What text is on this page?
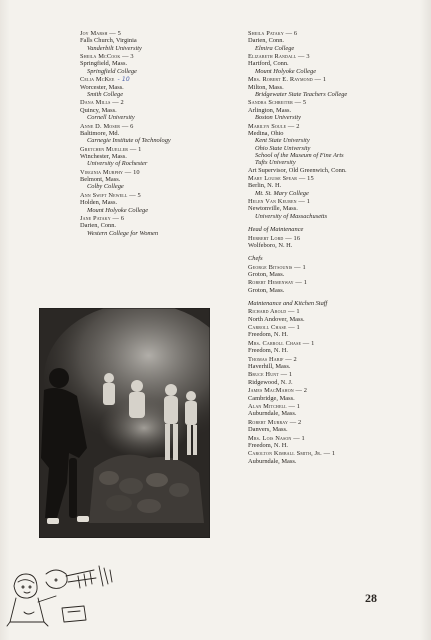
Joy Marsh — 5
Falls Church, Virginia
Vanderbilt University
Sheila McCook — 3
Springfield, Mass.
Springfield College
Celia McKee - 10
Worcester, Mass.
Smith College
Dana Mills — 2
Quincy, Mass.
Cornell University
Anne D. Moser — 6
Baltimore, Md.
Carnegie Institute of Technology
Gretchen Mueller — 1
Winchester, Mass.
University of Rochester
Virginia Murphy — 10
Belmont, Mass.
Colby College
Ann Swift Newell — 5
Holden, Mass.
Mount Holyoke College
Jane Pataky — 6
Darien, Conn.
Western College for Women
Sheila Pataky — 6
Darien, Conn.
Elmira College
Elizabeth Randall — 3
Hartford, Conn.
Mount Holyoke College
Mrs. Robert E. Raymond — 1
Milton, Mass.
Bridgewater State Teachers College
Sandra Schreiter — 5
Arlington, Mass.
Boston University
Marilyn Soule — 2
Medina, Ohio
Kent State University
Ohio State University
School of the Museum of Fine Arts
Tufts University
Art Supervisor, Old Greenwich, Conn.
Mary Louise Spear — 15
Berlin, N. H.
Mt. St. Mary College
Helen Van Keuren — 1
Newtonville, Mass.
University of Massachusetts
Head of Maintenance
Herbert Lord — 16
Wolfeboro, N. H.
Chefs
George Bitsounis — 1
Groton, Mass.
Robert Hemenway — 1
Groton, Mass.
Maintenance and Kitchen Staff
Richard Arold — 1
North Andover, Mass.
Carroll Chase — 1
Freedom, N. H.
Mrs. Carroll Chase — 1
Freedom, N. H.
Thomas Habif — 2
Haverhill, Mass.
Bruce Hunt — 1
Ridgewood, N. J.
James MacMahon — 2
Cambridge, Mass.
Alan Mitchell — 1
Auburndale, Mass.
Robert Murray — 2
Danvers, Mass.
Mrs. Lois Nason — 1
Freedom, N. H.
Carolton Kimball Smith, Jr. — 1
Auburndale, Mass.
28
